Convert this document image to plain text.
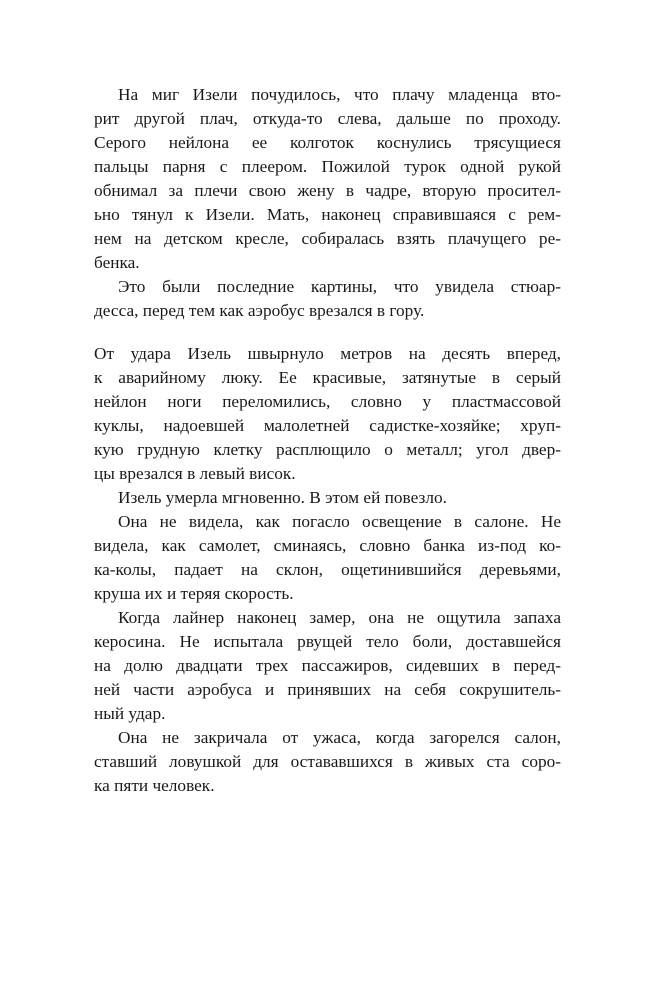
На миг Изели почудилось, что плачу младенца вто-
рит другой плач, откуда-то слева, дальше по проходу.
Серого нейлона ее колготок коснулись трясущиеся
пальцы парня с плеером. Пожилой турок одной рукой
обнимал за плечи свою жену в чадре, вторую просител-
ьно тянул к Изели. Мать, наконец справившаяся с рем-
нем на детском кресле, собиралась взять плачущего ре-
бенка.
Это были последние картины, что увидела стюар-
десса, перед тем как аэробус врезался в гору.
От удара Изель швырнуло метров на десять вперед,
к аварийному люку. Ее красивые, затянутые в серый
нейлон ноги переломились, словно у пластмассовой
куклы, надоевшей малолетней садистке-хозяйке; хруп-
кую грудную клетку расплющило о металл; угол двер-
цы врезался в левый висок.
Изель умерла мгновенно. В этом ей повезло.
Она не видела, как погасло освещение в салоне. Не
видела, как самолет, сминаясь, словно банка из-под ко-
ка-колы, падает на склон, ощетинившийся деревьями,
круша их и теряя скорость.
Когда лайнер наконец замер, она не ощутила запаха
керосина. Не испытала рвущей тело боли, доставшейся
на долю двадцати трех пассажиров, сидевших в перед-
ней части аэробуса и принявших на себя сокрушитель-
ный удар.
Она не закричала от ужаса, когда загорелся салон,
ставший ловушкой для остававшихся в живых ста соро-
ка пяти человек.
